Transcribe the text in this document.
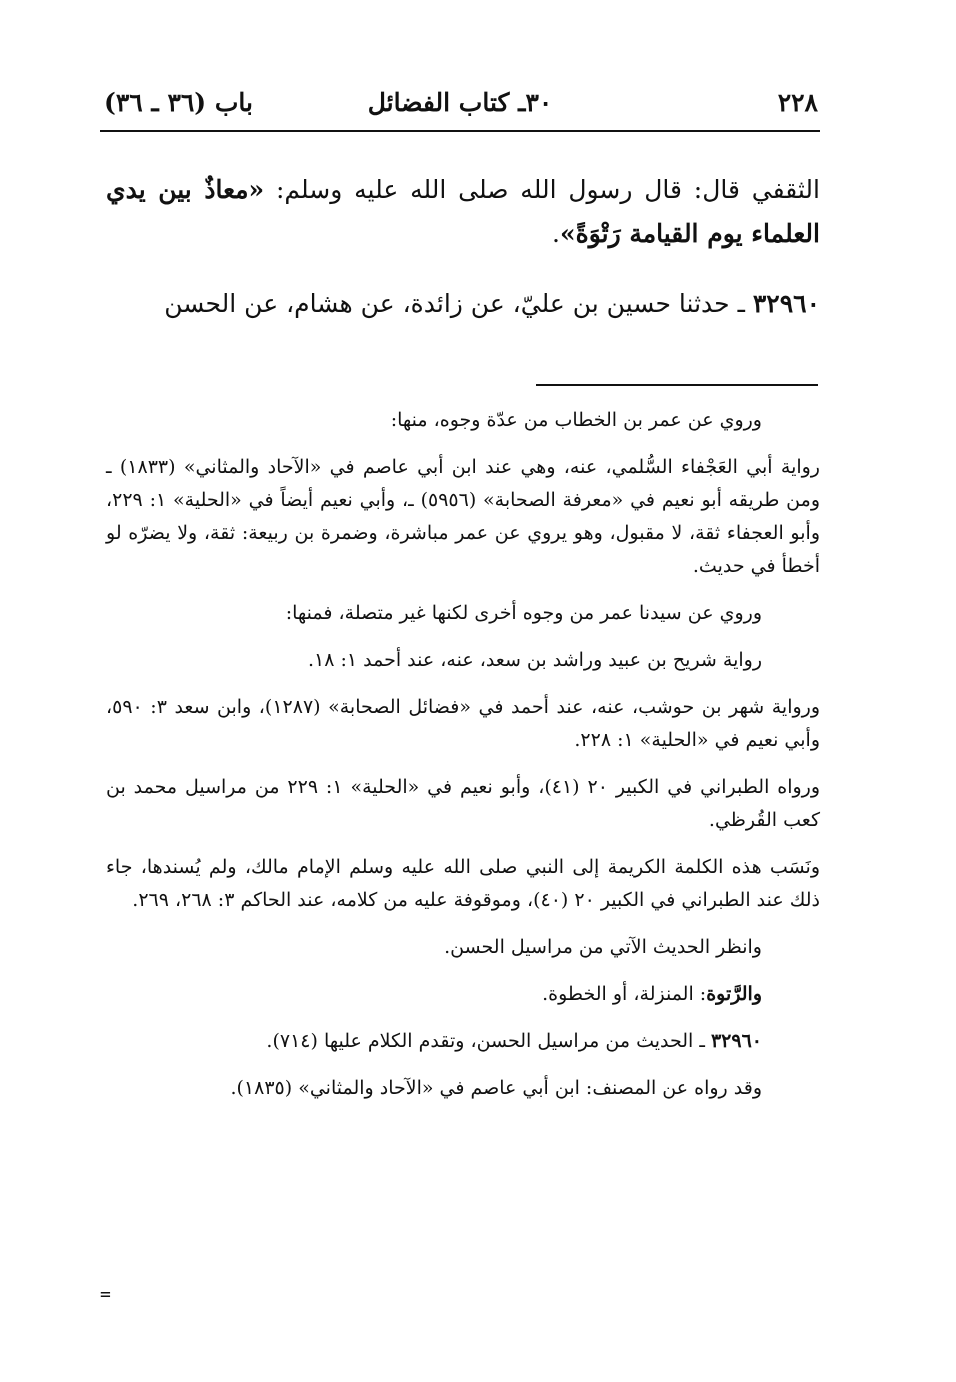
٢٢٨
٣٠ـ كتاب الفضائل
باب (٣٦ ـ ٣٦)

الثقفي قال: قال رسول الله صلى الله عليه وسلم: «معاذٌ بين يدي العلماء يوم القيامة رَتْوَةً».

٣٢٩٦٠ ـ حدثنا حسين بن عليّ، عن زائدة، عن هشام، عن الحسن

وروي عن عمر بن الخطاب من عدّة وجوه، منها:

رواية أبي العَجْفاء السُّلمي، عنه، وهي عند ابن أبي عاصم في «الآحاد والمثاني» (١٨٣٣) ـ ومن طريقه أبو نعيم في «معرفة الصحابة» (٥٩٥٦) ـ، وأبي نعيم أيضاً في «الحلية» ١: ٢٢٩، وأبو العجفاء ثقة، لا مقبول، وهو يروي عن عمر مباشرة، وضمرة بن ربيعة: ثقة، ولا يضرّه لو أخطأ في حديث.

وروي عن سيدنا عمر من وجوه أخرى لكنها غير متصلة، فمنها:

رواية شريح بن عبيد وراشد بن سعد، عنه، عند أحمد ١: ١٨.

ورواية شهر بن حوشب، عنه، عند أحمد في «فضائل الصحابة» (١٢٨٧)، وابن سعد ٣: ٥٩٠، وأبي نعيم في «الحلية» ١: ٢٢٨.

ورواه الطبراني في الكبير ٢٠ (٤١)، وأبو نعيم في «الحلية» ١: ٢٢٩ من مراسيل محمد بن كعب القُرظي.

ونَسَب هذه الكلمة الكريمة إلى النبي صلى الله عليه وسلم الإمام مالك، ولم يُسندها، جاء ذلك عند الطبراني في الكبير ٢٠ (٤٠)، وموقوفة عليه من كلامه، عند الحاكم ٣: ٢٦٨، ٢٦٩.

وانظر الحديث الآتي من مراسيل الحسن.

والرَّتوة: المنزلة، أو الخطوة.

٣٢٩٦٠ ـ الحديث من مراسيل الحسن، وتقدم الكلام عليها (٧١٤).

وقد رواه عن المصنف: ابن أبي عاصم في «الآحاد والمثاني» (١٨٣٥).

=
